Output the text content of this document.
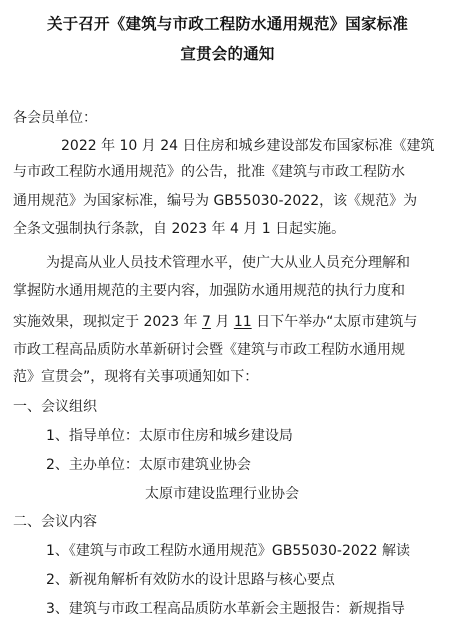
关于召开《建筑与市政工程防水通用规范》国家标准
宣贯会的通知
各会员单位：
2022 年 10 月 24 日住房和城乡建设部发布国家标准《建筑
与市政工程防水通用规范》的公告，批准《建筑与市政工程防水
通用规范》为国家标准，编号为 GB55030-2022，该《规范》为
全条文强制执行条款，自 2023 年 4 月 1 日起实施。
为提高从业人员技术管理水平，使广大从业人员充分理解和
掌握防水通用规范的主要内容，加强防水通用规范的执行力度和
实施效果，现拟定于 2023 年 7 月 11 日下午举办“太原市建筑与
市政工程高品质防水革新研讨会暨《建筑与市政工程防水通用规
范》宣贯会”，现将有关事项通知如下：
一、会议组织
1、指导单位：太原市住房和城乡建设局
2、主办单位：太原市建筑业协会
太原市建设监理行业协会
二、会议内容
1、《建筑与市政工程防水通用规范》GB55030-2022 解读
2、新视角解析有效防水的设计思路与核心要点
3、建筑与市政工程高品质防水革新会主题报告：新规指导
